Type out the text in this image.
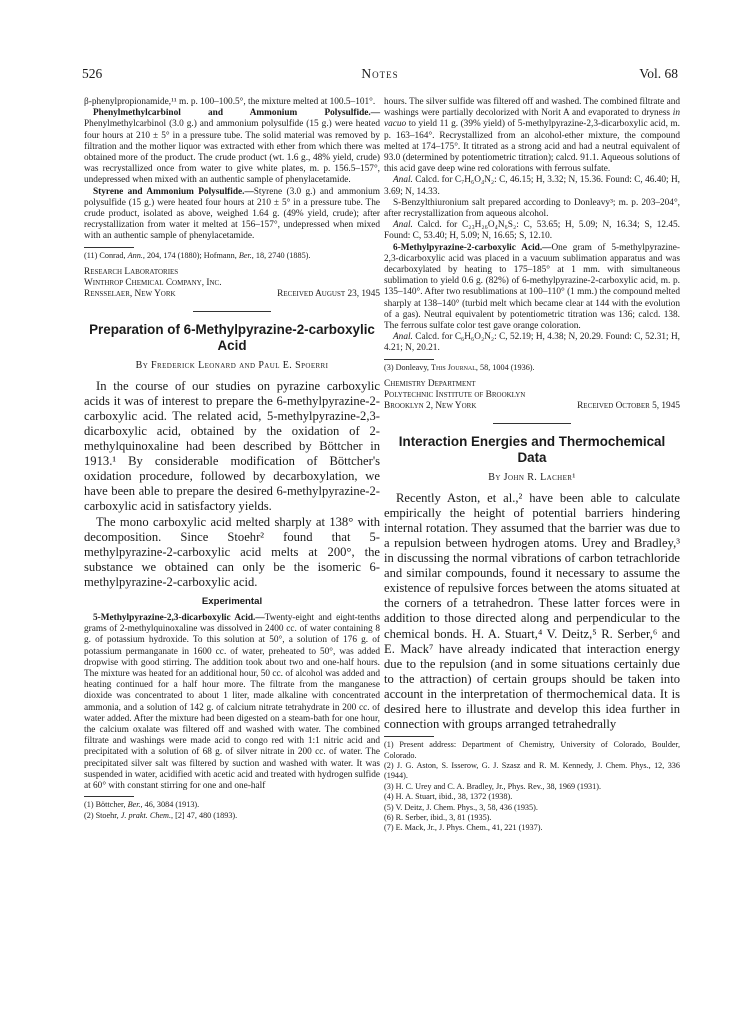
526	Notes	Vol. 68

β-phenylpropionamide,¹¹ m. p. 100–100.5°, the mixture melted at 100.5–101°.

Phenylmethylcarbinol and Ammonium Polysulfide.—Phenylmethylcarbinol (3.0 g.) and ammonium polysulfide (15 g.) were heated four hours at 210 ± 5° in a pressure tube. The solid material was removed by filtration and the mother liquor was extracted with ether from which there was obtained more of the product. The crude product (wt. 1.6 g., 48% yield, crude) was recrystallized once from water to give white plates, m. p. 156.5–157°, undepressed when mixed with an authentic sample of phenylacetamide.

Styrene and Ammonium Polysulfide.—Styrene (3.0 g.) and ammonium polysulfide (15 g.) were heated four hours at 210 ± 5° in a pressure tube. The crude product, isolated as above, weighed 1.64 g. (49% yield, crude); after recrystallization from water it melted at 156–157°, undepressed when mixed with an authentic sample of phenylacetamide.

(11) Conrad, Ann., 204, 174 (1880); Hofmann, Ber., 18, 2740 (1885).

Research Laboratories
Winthrop Chemical Company, Inc.
Rensselaer, New York	Received August 23, 1945
Preparation of 6-Methylpyrazine-2-carboxylic Acid
By Frederick Leonard and Paul E. Spoerri

In the course of our studies on pyrazine carboxylic acids it was of interest to prepare the 6-methylpyrazine-2-carboxylic acid. The related acid, 5-methylpyrazine-2,3-dicarboxylic acid, obtained by the oxidation of 2-methylquinoxaline had been described by Böttcher in 1913.¹ By considerable modification of Böttcher's oxidation procedure, followed by decarboxylation, we have been able to prepare the desired 6-methylpyrazine-2-carboxylic acid in satisfactory yields.

The mono carboxylic acid melted sharply at 138° with decomposition. Since Stoehr² found that 5-methylpyrazine-2-carboxylic acid melts at 200°, the substance we obtained can only be the isomeric 6-methylpyrazine-2-carboxylic acid.

Experimental

5-Methylpyrazine-2,3-dicarboxylic Acid.—Twenty-eight and eight-tenths grams of 2-methylquinoxaline was dissolved in 2400 cc. of water containing 8 g. of potassium hydroxide. To this solution at 50°, a solution of 176 g. of potassium permanganate in 1600 cc. of water, preheated to 50°, was added dropwise with good stirring. The addition took about two and one-half hours. The mixture was heated for an additional hour, 50 cc. of alcohol was added and heating continued for a half hour more. The filtrate from the manganese dioxide was concentrated to about 1 liter, made alkaline with concentrated ammonia, and a solution of 142 g. of calcium nitrate tetrahydrate in 200 cc. of water added. After the mixture had been digested on a steam-bath for one hour, the calcium oxalate was filtered off and washed with water. The combined filtrate and washings were made acid to congo red with 1:1 nitric acid and precipitated with a solution of 68 g. of silver nitrate in 200 cc. of water. The precipitated silver salt was filtered by suction and washed with water. It was suspended in water, acidified with acetic acid and treated with hydrogen sulfide at 60° with constant stirring for one and one-half

(1) Böttcher, Ber., 46, 3084 (1913).

(2) Stoehr, J. prakt. Chem., [2] 47, 480 (1893).

hours. The silver sulfide was filtered off and washed. The combined filtrate and washings were partially decolorized with Norit A and evaporated to dryness in vacuo to yield 11 g. (39% yield) of 5-methylpyrazine-2,3-dicarboxylic acid, m. p. 163–164°. Recrystallized from an alcohol-ether mixture, the compound melted at 174–175°. It titrated as a strong acid and had a neutral equivalent of 93.0 (determined by potentiometric titration); calcd. 91.1. Aqueous solutions of this acid gave deep wine red colorations with ferrous sulfate.

Anal. Calcd. for C₇H₆O₄N₂: C, 46.15; H, 3.32; N, 15.36. Found: C, 46.40; H, 3.69; N, 14.33.

S-Benzylthiuronium salt prepared according to Donleavy³; m. p. 203–204°, after recrystallization from aqueous alcohol.

Anal. Calcd. for C₂₃H₂₆O₄N₆S₂: C, 53.65; H, 5.09; N, 16.34; S, 12.45. Found: C, 53.40; H, 5.09; N, 16.65; S, 12.10.

6-Methylpyrazine-2-carboxylic Acid.—One gram of 5-methylpyrazine-2,3-dicarboxylic acid was placed in a vacuum sublimation apparatus and was decarboxylated by heating to 175–185° at 1 mm. with simultaneous sublimation to yield 0.6 g. (82%) of 6-methylpyrazine-2-carboxylic acid, m. p. 135–140°. After two resublimations at 100–110° (1 mm.) the compound melted sharply at 138–140° (turbid melt which became clear at 144 with the evolution of a gas). Neutral equivalent by potentiometric titration was 136; calcd. 138. The ferrous sulfate color test gave orange coloration.

Anal. Calcd. for C₆H₆O₂N₂: C, 52.19; H, 4.38; N, 20.29. Found: C, 52.31; H, 4.21; N, 20.21.

(3) Donleavy, This Journal, 58, 1004 (1936).

Chemistry Department
Polytechnic Institute of Brooklyn
Brooklyn 2, New York	Received October 5, 1945
Interaction Energies and Thermochemical Data
By John R. Lacher¹

Recently Aston, et al.,² have been able to calculate empirically the height of potential barriers hindering internal rotation. They assumed that the barrier was due to a repulsion between hydrogen atoms. Urey and Bradley,³ in discussing the normal vibrations of carbon tetrachloride and similar compounds, found it necessary to assume the existence of repulsive forces between the atoms situated at the corners of a tetrahedron. These latter forces were in addition to those directed along and perpendicular to the chemical bonds. H. A. Stuart,⁴ V. Deitz,⁵ R. Serber,⁶ and E. Mack⁷ have already indicated that interaction energy due to the repulsion (and in some situations certainly due to the attraction) of certain groups should be taken into account in the interpretation of thermochemical data. It is desired here to illustrate and develop this idea further in connection with groups arranged tetrahedrally

(1) Present address: Department of Chemistry, University of Colorado, Boulder, Colorado.

(2) J. G. Aston, S. Isserow, G. J. Szasz and R. M. Kennedy, J. Chem. Phys., 12, 336 (1944).

(3) H. C. Urey and C. A. Bradley, Jr., Phys. Rev., 38, 1969 (1931).

(4) H. A. Stuart, ibid., 38, 1372 (1938).

(5) V. Deitz, J. Chem. Phys., 3, 58, 436 (1935).

(6) R. Serber, ibid., 3, 81 (1935).

(7) E. Mack, Jr., J. Phys. Chem., 41, 221 (1937).
